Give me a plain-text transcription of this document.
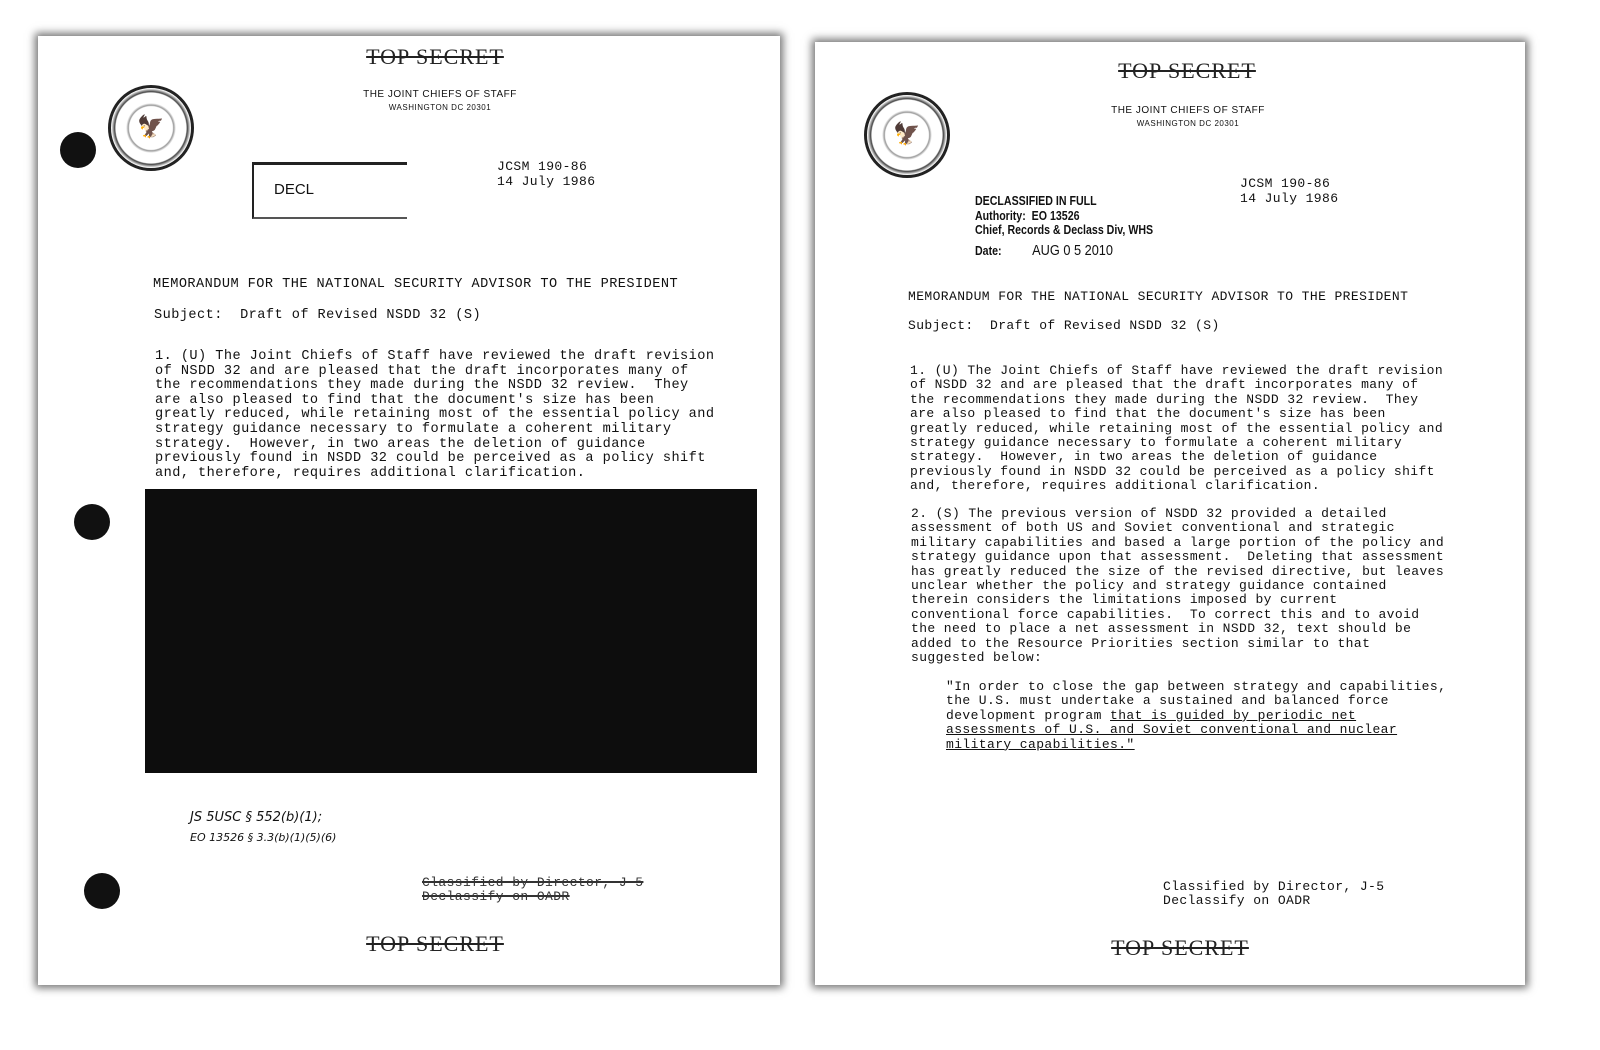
TOP SECRET
🦅
THE JOINT CHIEFS OF STAFF
WASHINGTON DC 20301
DECL
JCSM 190-86
14 July 1986
MEMORANDUM FOR THE NATIONAL SECURITY ADVISOR TO THE PRESIDENT
Subject:  Draft of Revised NSDD 32 (S)
1. (U) The Joint Chiefs of Staff have reviewed the draft revision
of NSDD 32 and are pleased that the draft incorporates many of
the recommendations they made during the NSDD 32 review.  They
are also pleased to find that the document's size has been
greatly reduced, while retaining most of the essential policy and
strategy guidance necessary to formulate a coherent military
strategy.  However, in two areas the deletion of guidance
previously found in NSDD 32 could be perceived as a policy shift
and, therefore, requires additional clarification.
JS 5USC § 552(b)(1);
EO 13526 § 3.3(b)(1)(5)(6)
Classified by Director, J-5
Declassify on OADR
TOP SECRET
TOP SECRET
🦅
THE JOINT CHIEFS OF STAFF
WASHINGTON DC 20301
DECLASSIFIED IN FULL
Authority:  EO 13526
Chief, Records & Declass Div, WHS
Date: AUG 0 5 2010
JCSM 190-86
14 July 1986
MEMORANDUM FOR THE NATIONAL SECURITY ADVISOR TO THE PRESIDENT
Subject:  Draft of Revised NSDD 32 (S)
1. (U) The Joint Chiefs of Staff have reviewed the draft revision
of NSDD 32 and are pleased that the draft incorporates many of
the recommendations they made during the NSDD 32 review.  They
are also pleased to find that the document's size has been
greatly reduced, while retaining most of the essential policy and
strategy guidance necessary to formulate a coherent military
strategy.  However, in two areas the deletion of guidance
previously found in NSDD 32 could be perceived as a policy shift
and, therefore, requires additional clarification.
2. (S) The previous version of NSDD 32 provided a detailed
assessment of both US and Soviet conventional and strategic
military capabilities and based a large portion of the policy and
strategy guidance upon that assessment.  Deleting that assessment
has greatly reduced the size of the revised directive, but leaves
unclear whether the policy and strategy guidance contained
therein considers the limitations imposed by current
conventional force capabilities.  To correct this and to avoid
the need to place a net assessment in NSDD 32, text should be
added to the Resource Priorities section similar to that
suggested below:
"In order to close the gap between strategy and capabilities,
the U.S. must undertake a sustained and balanced force
development program that is guided by periodic net
assessments of U.S. and Soviet conventional and nuclear
military capabilities."
Classified by Director, J-5
Declassify on OADR
TOP SECRET
